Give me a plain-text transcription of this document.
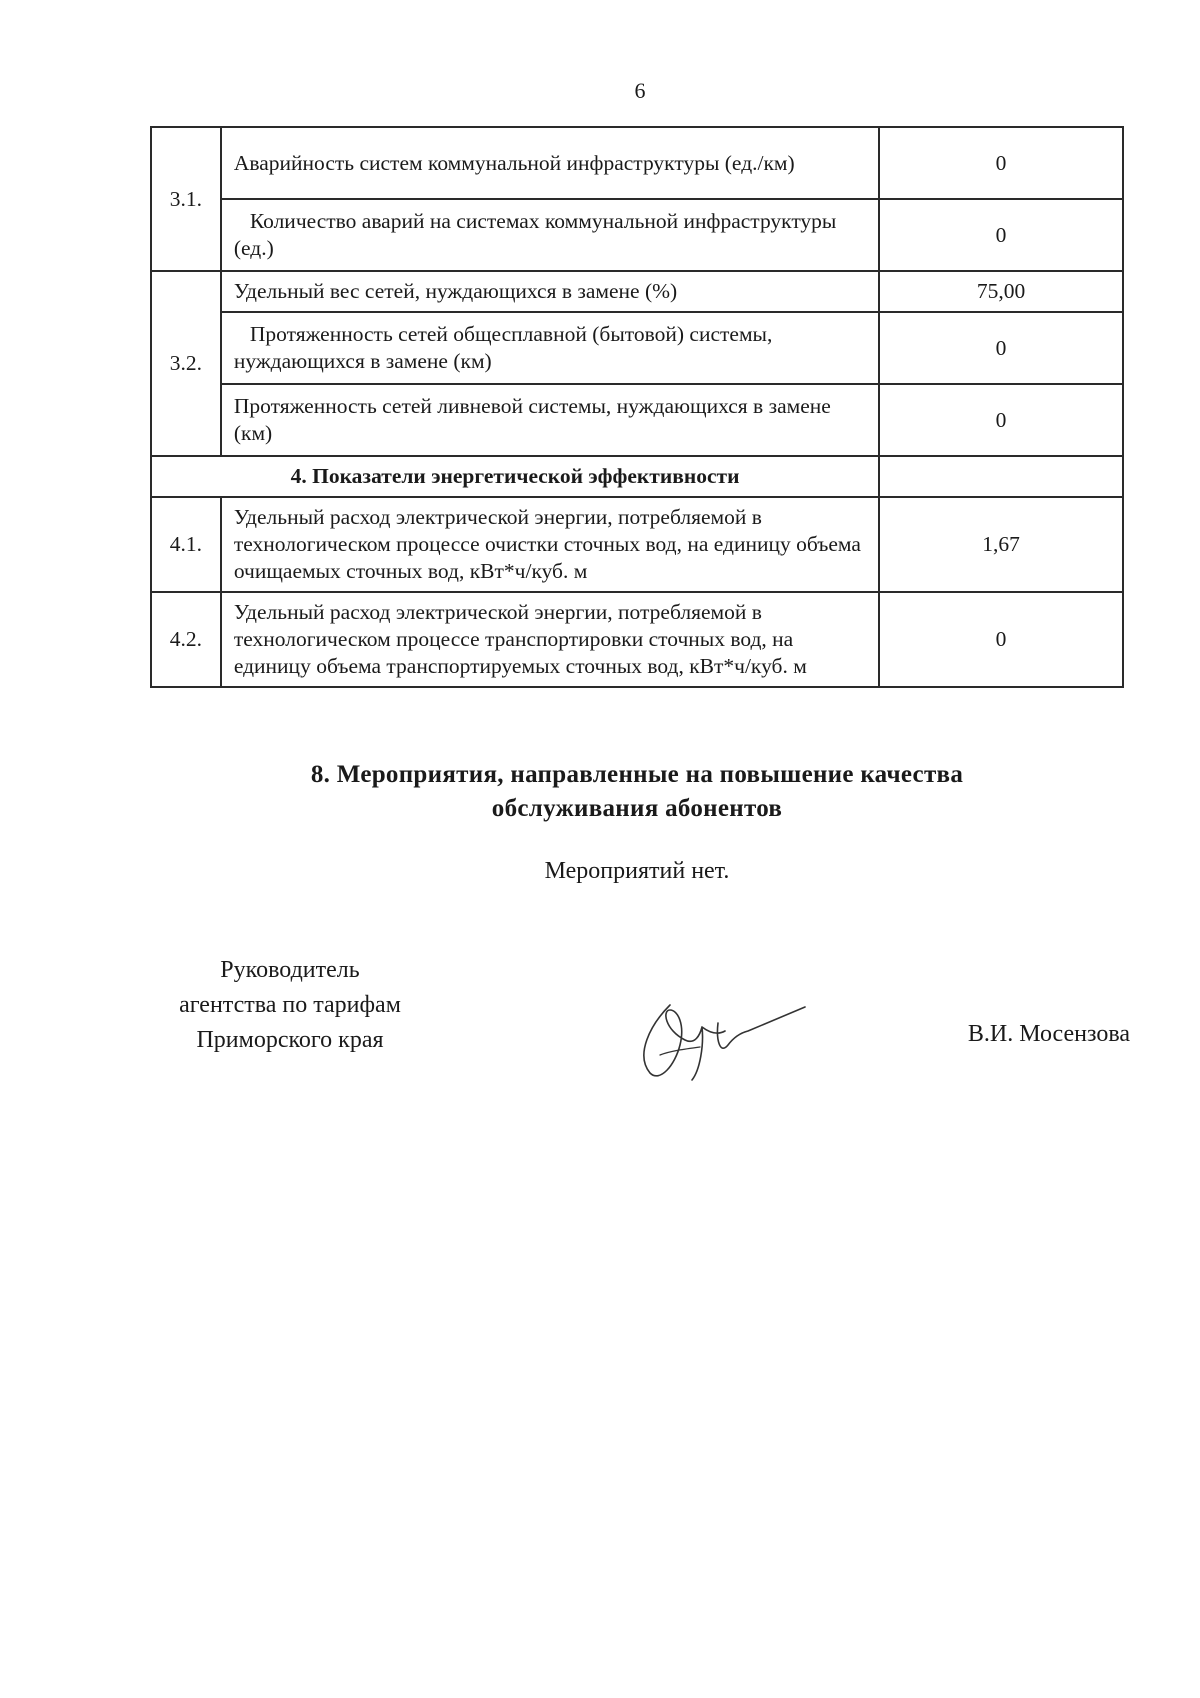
6
3.1.	Аварийность систем коммунальной инфраструктуры (ед./км)	0
	Количество аварий на системах коммунальной инфраструктуры (ед.)	0
3.2.	Удельный вес сетей, нуждающихся в замене (%)	75,00
	Протяженность сетей общесплавной (бытовой) системы, нуждающихся в замене (км)	0
	Протяженность сетей ливневой системы, нуждающихся в замене (км)	0
4. Показатели энергетической эффективности		
4.1.	Удельный расход электрической энергии, потребляемой в технологическом процессе очистки сточных вод, на единицу объема очищаемых сточных вод, кВт*ч/куб. м	1,67
4.2.	Удельный расход электрической энергии, потребляемой в технологическом процессе транспортировки сточных вод, на единицу объема транспортируемых сточных вод, кВт*ч/куб. м	0
8. Мероприятия, направленные на повышение качества
обслуживания абонентов
Мероприятий нет.
Руководитель
агентства по тарифам
Приморского края	В.И. Мосензова
